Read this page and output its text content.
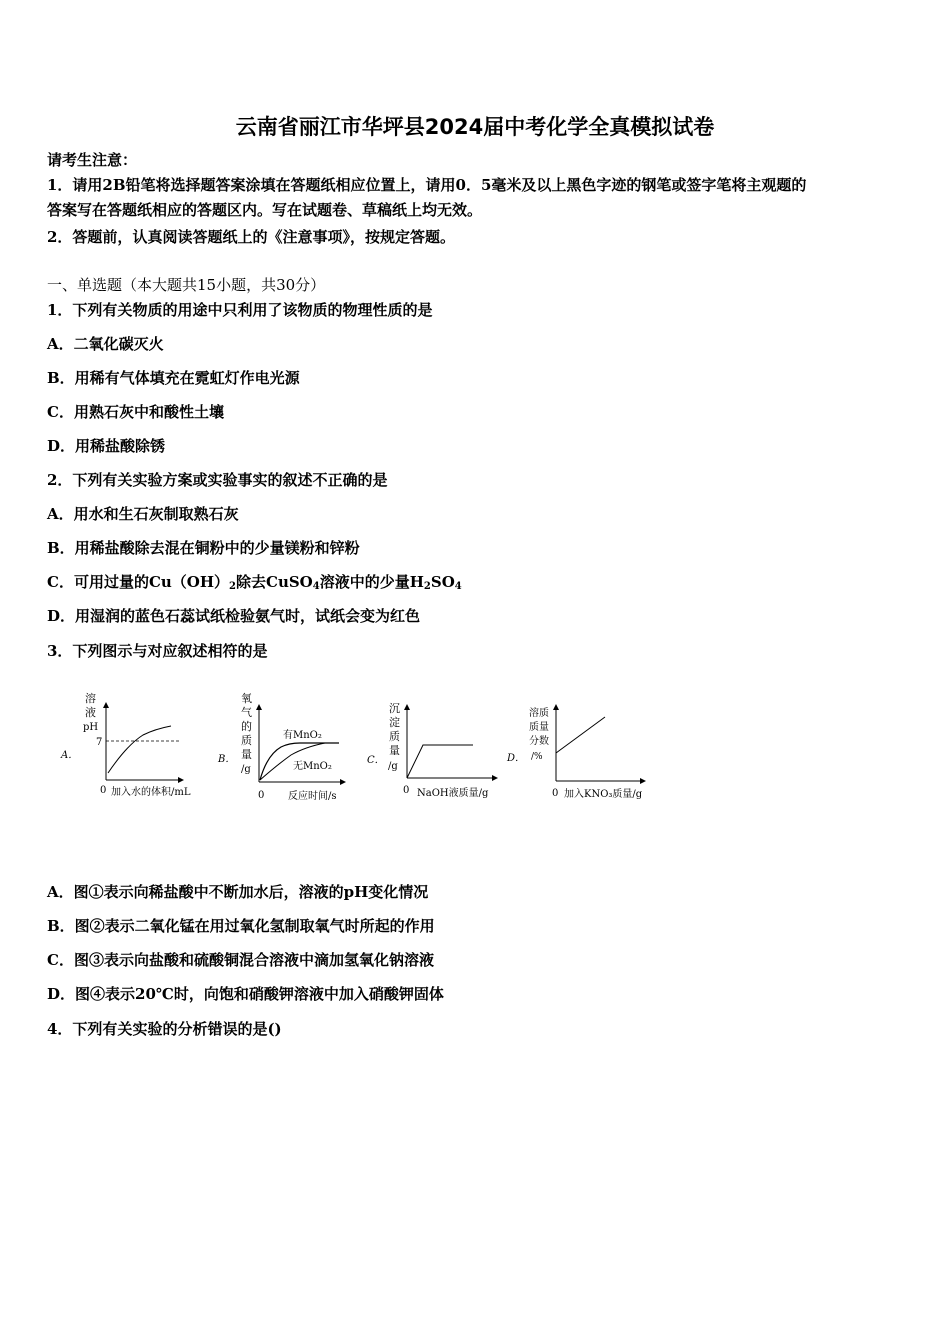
云南省丽江市华坪县2024届中考化学全真模拟试卷
请考生注意：
1．请用2B铅笔将选择题答案涂填在答题纸相应位置上，请用0．5毫米及以上黑色字迹的钢笔或签字笔将主观题的
答案写在答题纸相应的答题区内。写在试题卷、草稿纸上均无效。
2．答题前，认真阅读答题纸上的《注意事项》，按规定答题。
一、单选题（本大题共15小题，共30分）
1．下列有关物质的用途中只利用了该物质的物理性质的是
A．二氧化碳灭火
B．用稀有气体填充在霓虹灯作电光源
C．用熟石灰中和酸性土壤
D．用稀盐酸除锈
2．下列有关实验方案或实验事实的叙述不正确的是
A．用水和生石灰制取熟石灰
B．用稀盐酸除去混在铜粉中的少量镁粉和锌粉
C．可用过量的$Cu(OH)_2$除去CuSO$_4$溶液中的少量$H_2SO_4$
D．用湿润的蓝色石蕊试纸检验氨气时，试纸会变为红色
3．下列图示与对应叙述相符的是
A．
溶
液
pH
7
0 加入水的体积/mL
B．
氧
气
的
质
量
/g
有MnO₂
无MnO₂
0 反应时间/s
C．
沉
淀
质
量
/g
0 NaOH液质量/g
D．
溶质
质量
分数
/%
0 加入KNO₃质量/g
A．图①表示向稀盐酸中不断加水后，溶液的pH变化情况
B．图②表示二氧化锰在用过氧化氢制取氧气时所起的作用
C．图③表示向盐酸和硫酸铜混合溶液中滴加氢氧化钠溶液
D．图④表示20℃时，向饱和硝酸钾溶液中加入硝酸钾固体
4．下列有关实验的分析错误的是()
